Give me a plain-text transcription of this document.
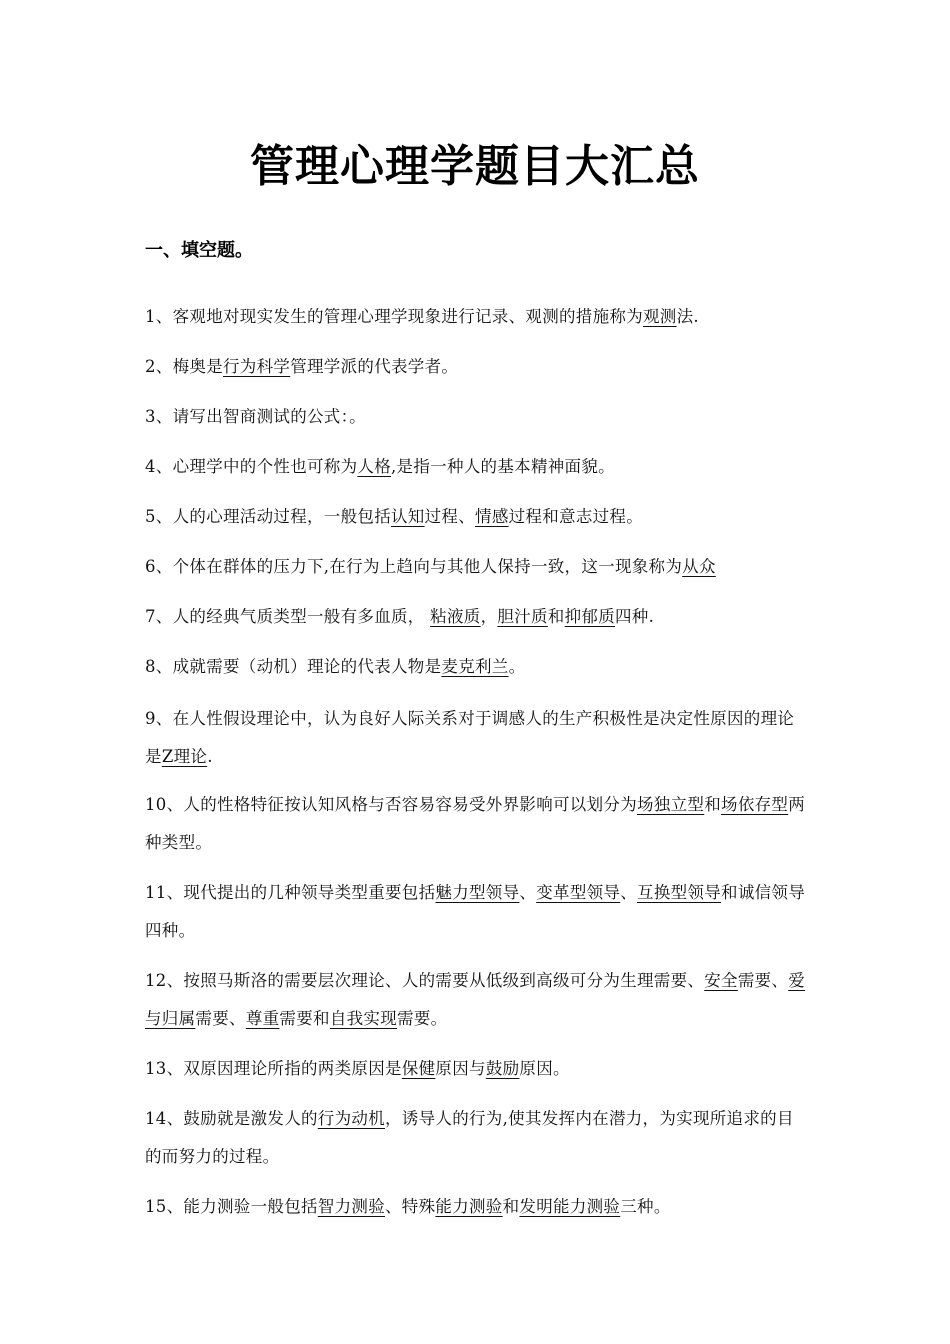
管理心理学题目大汇总
一、填空题。
1、客观地对现实发生的管理心理学现象进行记录、观测的措施称为观测法.
2、梅奥是行为科学管理学派的代表学者。
3、请写出智商测试的公式：。
4、心理学中的个性也可称为人格,是指一种人的基本精神面貌。
5、人的心理活动过程，一般包括认知过程、情感过程和意志过程。
6、个体在群体的压力下,在行为上趋向与其他人保持一致，这一现象称为从众
7、人的经典气质类型一般有多血质， 粘液质，胆汁质和抑郁质四种.
8、成就需要（动机）理论的代表人物是麦克利兰。
9、在人性假设理论中，认为良好人际关系对于调感人的生产积极性是决定性原因的理论是Z理论.
10、人的性格特征按认知风格与否容易容易受外界影响可以划分为场独立型和场依存型两种类型。
11、现代提出的几种领导类型重要包括魅力型领导、变革型领导、互换型领导和诚信领导四种。
12、按照马斯洛的需要层次理论、人的需要从低级到高级可分为生理需要、安全需要、爱与归属需要、尊重需要和自我实现需要。
13、双原因理论所指的两类原因是保健原因与鼓励原因。
14、鼓励就是激发人的行为动机，诱导人的行为,使其发挥内在潜力，为实现所追求的目的而努力的过程。
15、能力测验一般包括智力测验、特殊能力测验和发明能力测验三种。
